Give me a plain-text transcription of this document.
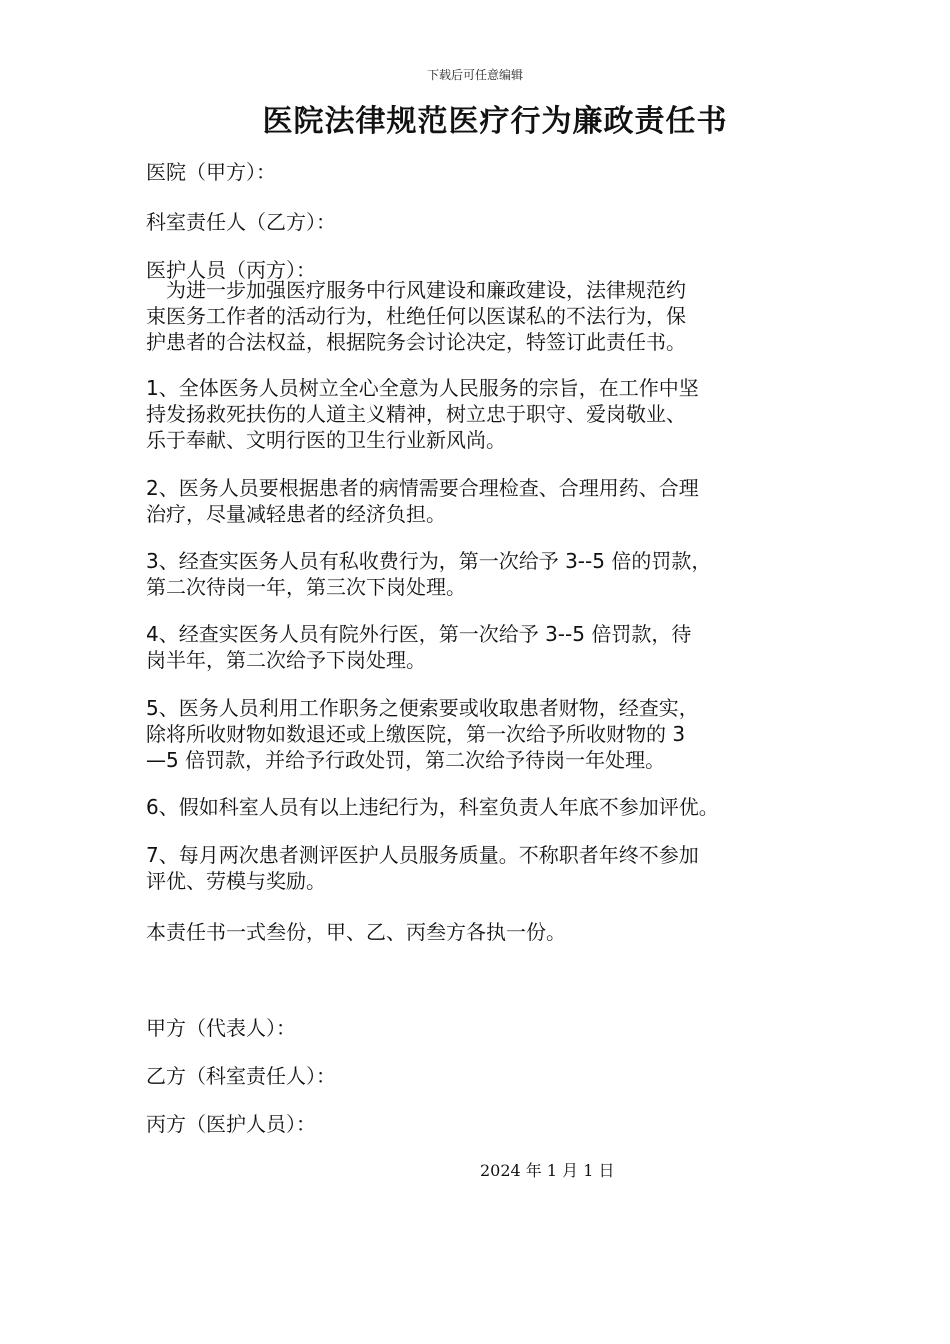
下载后可任意编辑
医院法律规范医疗行为廉政责任书
医院（甲方）：
科室责任人（乙方）：
医护人员（丙方）：
　为进一步加强医疗服务中行风建设和廉政建设，法律规范约
束医务工作者的活动行为，杜绝任何以医谋私的不法行为，保
护患者的合法权益，根据院务会讨论决定，特签订此责任书。
1、全体医务人员树立全心全意为人民服务的宗旨，在工作中坚
持发扬救死扶伤的人道主义精神，树立忠于职守、爱岗敬业、
乐于奉献、文明行医的卫生行业新风尚。
2、医务人员要根据患者的病情需要合理检查、合理用药、合理
治疗，尽量减轻患者的经济负担。
3、经查实医务人员有私收费行为，第一次给予 3--5 倍的罚款，
第二次待岗一年，第三次下岗处理。
4、经查实医务人员有院外行医，第一次给予 3--5 倍罚款，待
岗半年，第二次给予下岗处理。
5、医务人员利用工作职务之便索要或收取患者财物，经查实，
除将所收财物如数退还或上缴医院，第一次给予所收财物的 3
—5 倍罚款，并给予行政处罚，第二次给予待岗一年处理。
6、假如科室人员有以上违纪行为，科室负责人年底不参加评优。
7、每月两次患者测评医护人员服务质量。不称职者年终不参加
评优、劳模与奖励。
本责任书一式叁份，甲、乙、丙叁方各执一份。
甲方（代表人）：
乙方（科室责任人）：
丙方（医护人员）：
2024 年 1 月 1 日
